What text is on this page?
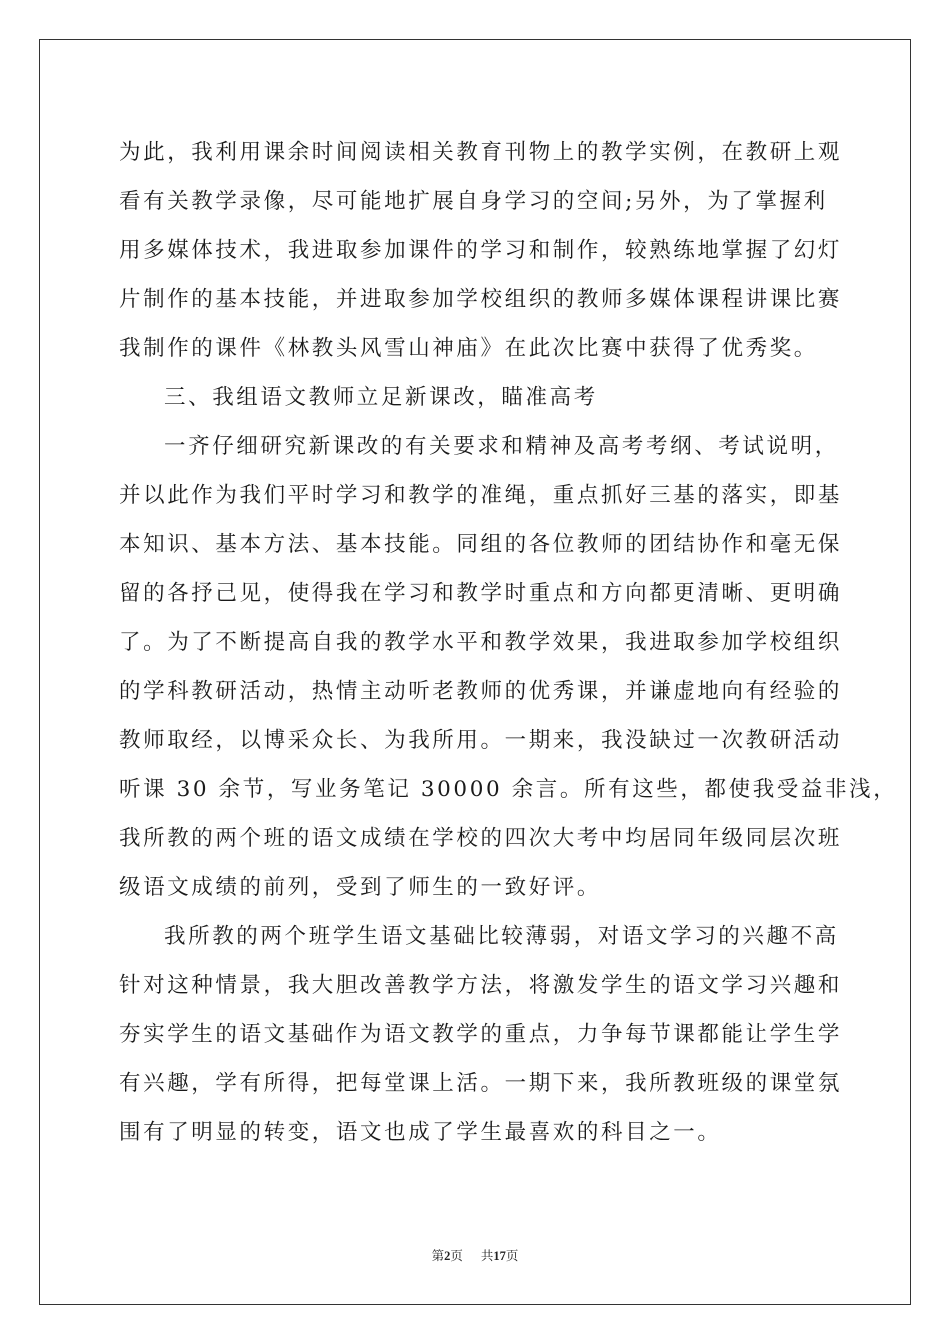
为此，我利用课余时间阅读相关教育刊物上的教学实例，在教研上观
看有关教学录像，尽可能地扩展自身学习的空间;另外，为了掌握利
用多媒体技术，我进取参加课件的学习和制作，较熟练地掌握了幻灯
片制作的基本技能，并进取参加学校组织的教师多媒体课程讲课比赛
我制作的课件《林教头风雪山神庙》在此次比赛中获得了优秀奖。
三、我组语文教师立足新课改，瞄准高考
一齐仔细研究新课改的有关要求和精神及高考考纲、考试说明，
并以此作为我们平时学习和教学的准绳，重点抓好三基的落实，即基
本知识、基本方法、基本技能。同组的各位教师的团结协作和毫无保
留的各抒己见，使得我在学习和教学时重点和方向都更清晰、更明确
了。为了不断提高自我的教学水平和教学效果，我进取参加学校组织
的学科教研活动，热情主动听老教师的优秀课，并谦虚地向有经验的
教师取经，以博采众长、为我所用。一期来，我没缺过一次教研活动
听课 30 余节，写业务笔记 30000 余言。所有这些，都使我受益非浅，
我所教的两个班的语文成绩在学校的四次大考中均居同年级同层次班
级语文成绩的前列，受到了师生的一致好评。
我所教的两个班学生语文基础比较薄弱，对语文学习的兴趣不高
针对这种情景，我大胆改善教学方法，将激发学生的语文学习兴趣和
夯实学生的语文基础作为语文教学的重点，力争每节课都能让学生学
有兴趣，学有所得，把每堂课上活。一期下来，我所教班级的课堂氛
围有了明显的转变，语文也成了学生最喜欢的科目之一。
第2页 共17页
